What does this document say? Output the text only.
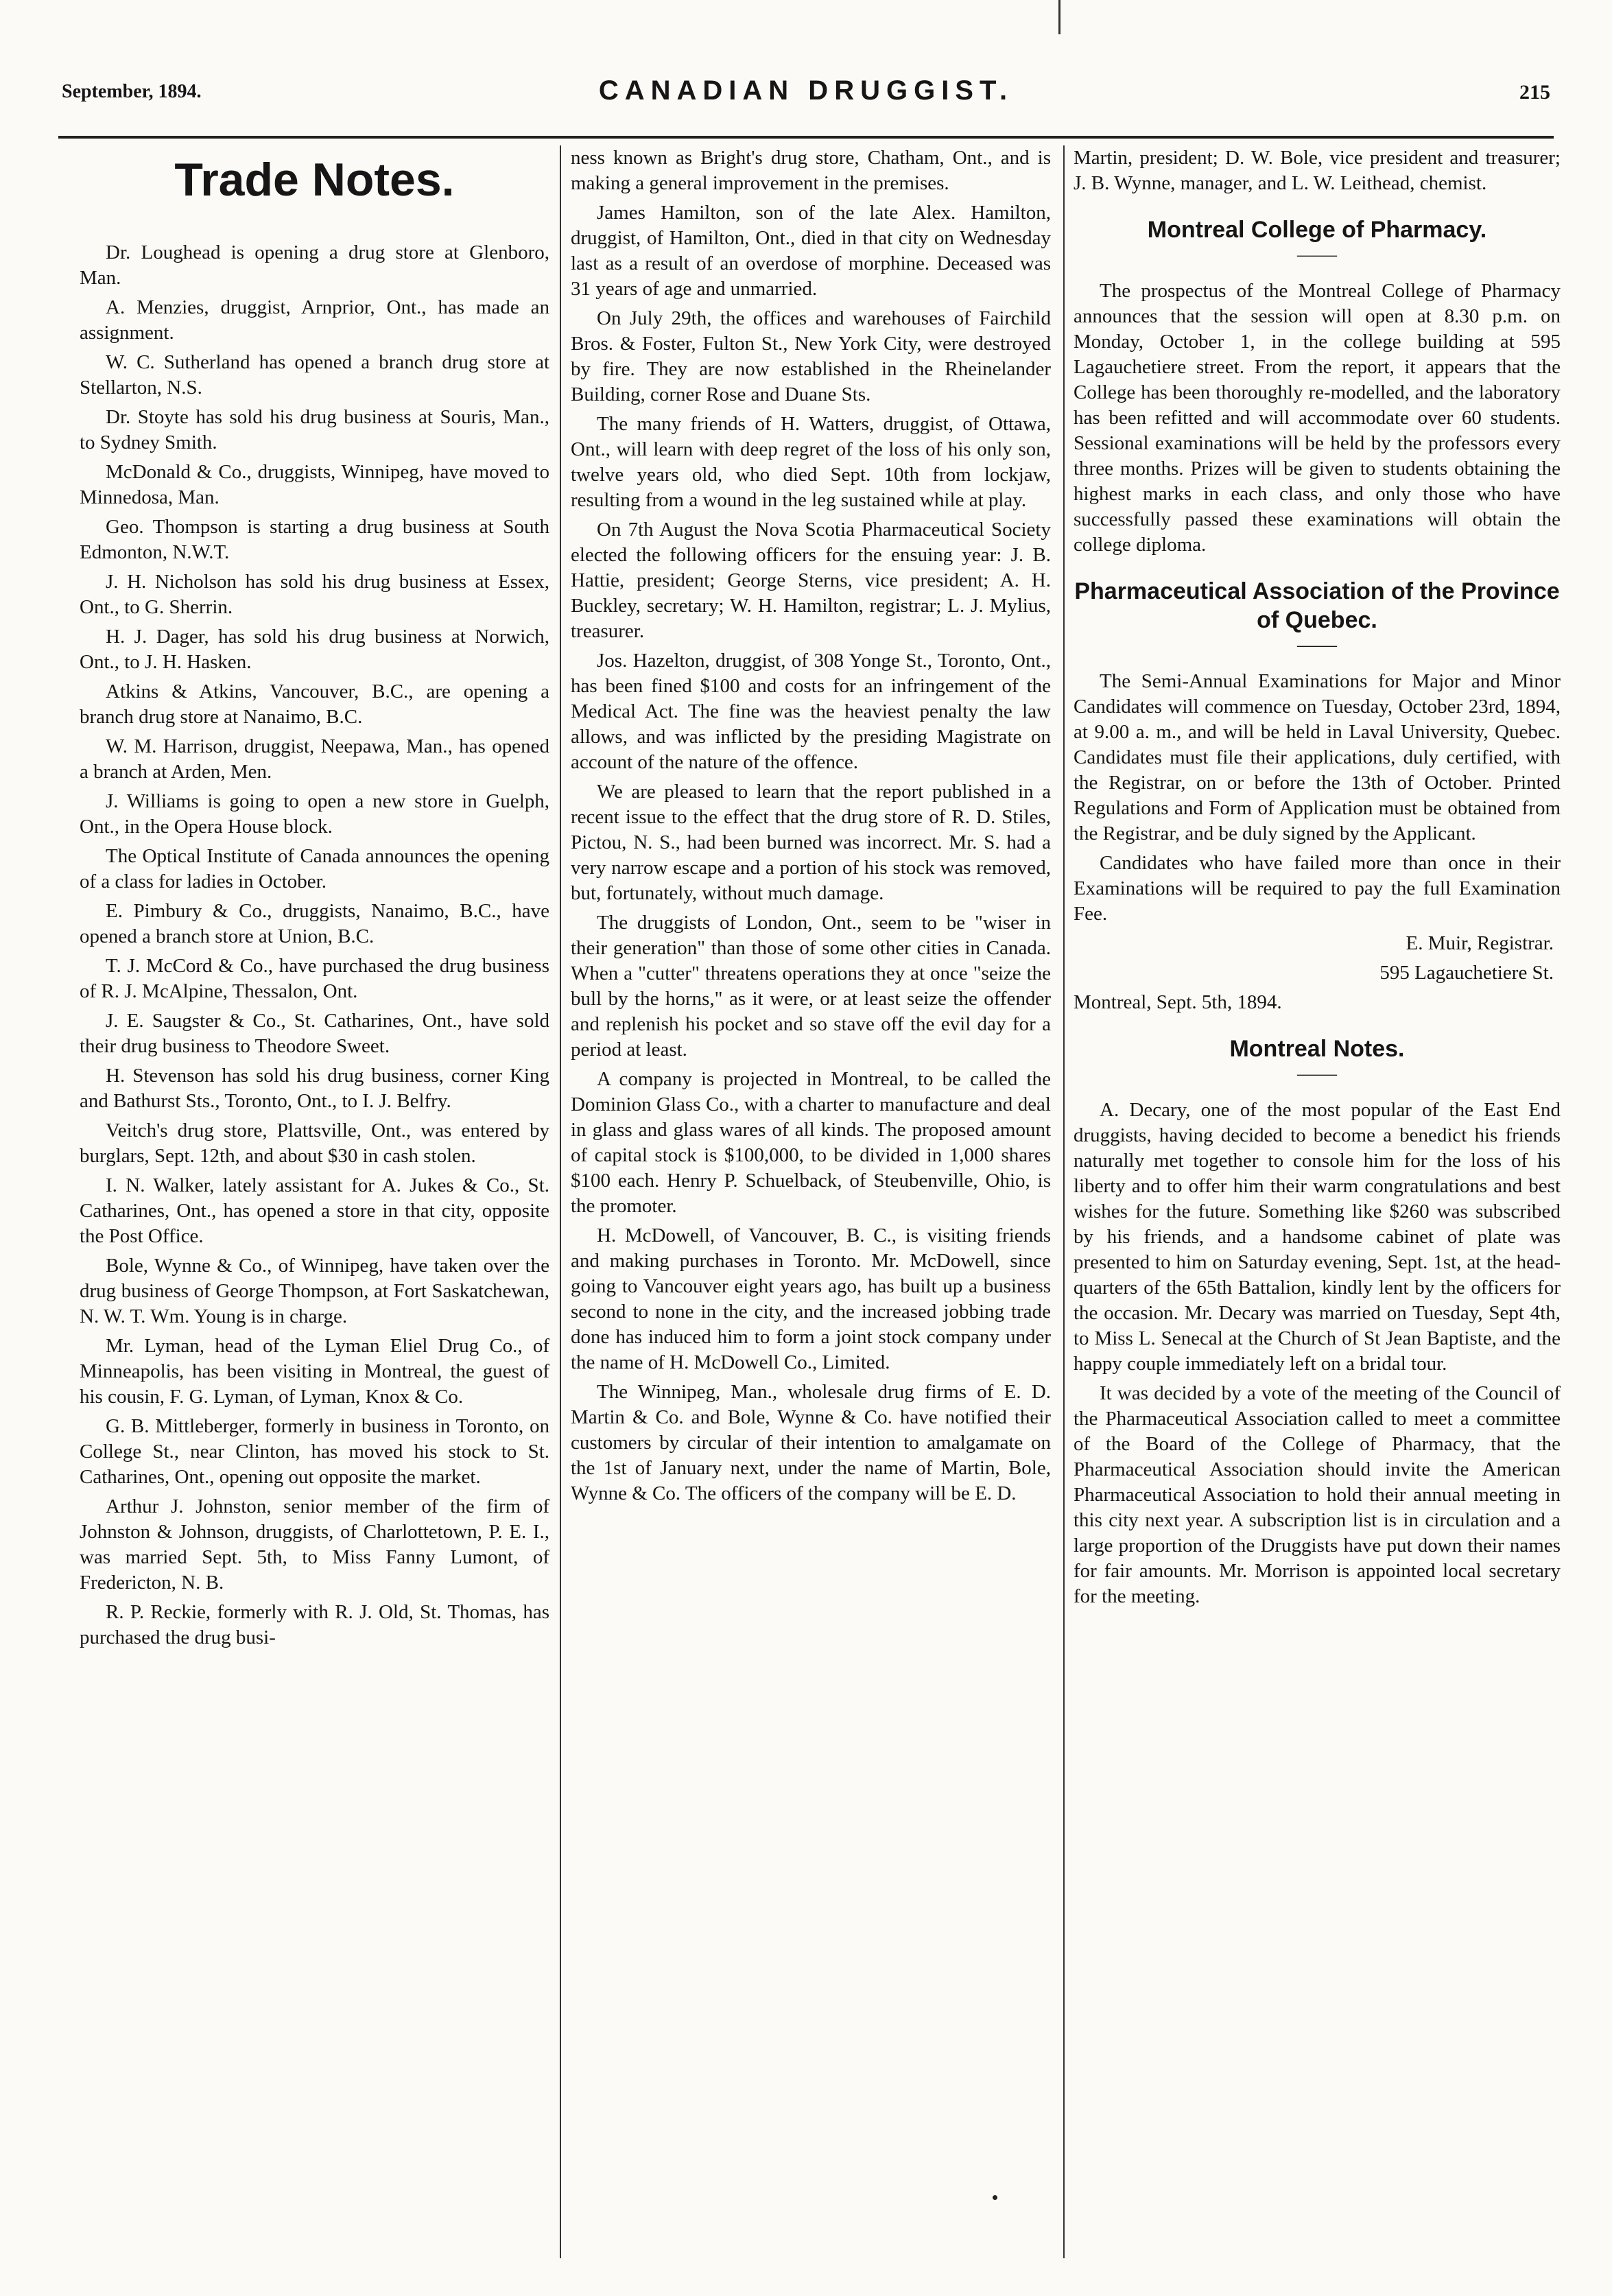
September, 1894.	CANADIAN DRUGGIST.	215
Trade Notes.

Dr. Loughead is opening a drug store at Glenboro, Man.

A. Menzies, druggist, Arnprior, Ont., has made an assignment.

W. C. Sutherland has opened a branch drug store at Stellarton, N.S.

Dr. Stoyte has sold his drug business at Souris, Man., to Sydney Smith.

McDonald & Co., druggists, Winnipeg, have moved to Minnedosa, Man.

Geo. Thompson is starting a drug business at South Edmonton, N.W.T.

J. H. Nicholson has sold his drug business at Essex, Ont., to G. Sherrin.

H. J. Dager, has sold his drug business at Norwich, Ont., to J. H. Hasken.

Atkins & Atkins, Vancouver, B.C., are opening a branch drug store at Nanaimo, B.C.

W. M. Harrison, druggist, Neepawa, Man., has opened a branch at Arden, Men.

J. Williams is going to open a new store in Guelph, Ont., in the Opera House block.

The Optical Institute of Canada announces the opening of a class for ladies in October.

E. Pimbury & Co., druggists, Nanaimo, B.C., have opened a branch store at Union, B.C.

T. J. McCord & Co., have purchased the drug business of R. J. McAlpine, Thessalon, Ont.

J. E. Saugster & Co., St. Catharines, Ont., have sold their drug business to Theodore Sweet.

H. Stevenson has sold his drug business, corner King and Bathurst Sts., Toronto, Ont., to I. J. Belfry.

Veitch's drug store, Plattsville, Ont., was entered by burglars, Sept. 12th, and about $30 in cash stolen.

I. N. Walker, lately assistant for A. Jukes & Co., St. Catharines, Ont., has opened a store in that city, opposite the Post Office.

Bole, Wynne & Co., of Winnipeg, have taken over the drug business of George Thompson, at Fort Saskatchewan, N. W. T. Wm. Young is in charge.

Mr. Lyman, head of the Lyman Eliel Drug Co., of Minneapolis, has been visiting in Montreal, the guest of his cousin, F. G. Lyman, of Lyman, Knox & Co.

G. B. Mittleberger, formerly in business in Toronto, on College St., near Clinton, has moved his stock to St. Catharines, Ont., opening out opposite the market.

Arthur J. Johnston, senior member of the firm of Johnston & Johnson, druggists, of Charlottetown, P. E. I., was married Sept. 5th, to Miss Fanny Lumont, of Fredericton, N. B.

R. P. Reckie, formerly with R. J. Old, St. Thomas, has purchased the drug busi-

ness known as Bright's drug store, Chatham, Ont., and is making a general improvement in the premises.

James Hamilton, son of the late Alex. Hamilton, druggist, of Hamilton, Ont., died in that city on Wednesday last as a result of an overdose of morphine. Deceased was 31 years of age and unmarried.

On July 29th, the offices and warehouses of Fairchild Bros. & Foster, Fulton St., New York City, were destroyed by fire. They are now established in the Rheinelander Building, corner Rose and Duane Sts.

The many friends of H. Watters, druggist, of Ottawa, Ont., will learn with deep regret of the loss of his only son, twelve years old, who died Sept. 10th from lockjaw, resulting from a wound in the leg sustained while at play.

On 7th August the Nova Scotia Pharmaceutical Society elected the following officers for the ensuing year: J. B. Hattie, president; George Sterns, vice president; A. H. Buckley, secretary; W. H. Hamilton, registrar; L. J. Mylius, treasurer.

Jos. Hazelton, druggist, of 308 Yonge St., Toronto, Ont., has been fined $100 and costs for an infringement of the Medical Act. The fine was the heaviest penalty the law allows, and was inflicted by the presiding Magistrate on account of the nature of the offence.

We are pleased to learn that the report published in a recent issue to the effect that the drug store of R. D. Stiles, Pictou, N. S., had been burned was incorrect. Mr. S. had a very narrow escape and a portion of his stock was removed, but, fortunately, without much damage.

The druggists of London, Ont., seem to be "wiser in their generation" than those of some other cities in Canada. When a "cutter" threatens operations they at once "seize the bull by the horns," as it were, or at least seize the offender and replenish his pocket and so stave off the evil day for a period at least.

A company is projected in Montreal, to be called the Dominion Glass Co., with a charter to manufacture and deal in glass and glass wares of all kinds. The proposed amount of capital stock is $100,000, to be divided in 1,000 shares $100 each. Henry P. Schuelback, of Steubenville, Ohio, is the promoter.

H. McDowell, of Vancouver, B. C., is visiting friends and making purchases in Toronto. Mr. McDowell, since going to Vancouver eight years ago, has built up a business second to none in the city, and the increased jobbing trade done has induced him to form a joint stock company under the name of H. McDowell Co., Limited.

The Winnipeg, Man., wholesale drug firms of E. D. Martin & Co. and Bole, Wynne & Co. have notified their customers by circular of their intention to amalgamate on the 1st of January next, under the name of Martin, Bole, Wynne & Co. The officers of the company will be E. D.

Martin, president; D. W. Bole, vice president and treasurer; J. B. Wynne, manager, and L. W. Leithead, chemist.

Montreal College of Pharmacy.
——

The prospectus of the Montreal College of Pharmacy announces that the session will open at 8.30 p.m. on Monday, October 1, in the college building at 595 Lagauchetiere street. From the report, it appears that the College has been thoroughly re-modelled, and the laboratory has been refitted and will accommodate over 60 students. Sessional examinations will be held by the professors every three months. Prizes will be given to students obtaining the highest marks in each class, and only those who have successfully passed these examinations will obtain the college diploma.

Pharmaceutical Association of the Province of Quebec.
——

The Semi-Annual Examinations for Major and Minor Candidates will commence on Tuesday, October 23rd, 1894, at 9.00 a. m., and will be held in Laval University, Quebec. Candidates must file their applications, duly certified, with the Registrar, on or before the 13th of October. Printed Regulations and Form of Application must be obtained from the Registrar, and be duly signed by the Applicant.

Candidates who have failed more than once in their Examinations will be required to pay the full Examination Fee.

E. Muir, Registrar.

595 Lagauchetiere St.

Montreal, Sept. 5th, 1894.

Montreal Notes.
——

A. Decary, one of the most popular of the East End druggists, having decided to become a benedict his friends naturally met together to console him for the loss of his liberty and to offer him their warm congratulations and best wishes for the future. Something like $260 was subscribed by his friends, and a handsome cabinet of plate was presented to him on Saturday evening, Sept. 1st, at the head-quarters of the 65th Battalion, kindly lent by the officers for the occasion. Mr. Decary was married on Tuesday, Sept 4th, to Miss L. Senecal at the Church of St Jean Baptiste, and the happy couple immediately left on a bridal tour.

It was decided by a vote of the meeting of the Council of the Pharmaceutical Association called to meet a committee of the Board of the College of Pharmacy, that the Pharmaceutical Association should invite the American Pharmaceutical Association to hold their annual meeting in this city next year. A subscription list is in circulation and a large proportion of the Druggists have put down their names for fair amounts. Mr. Morrison is appointed local secretary for the meeting.
